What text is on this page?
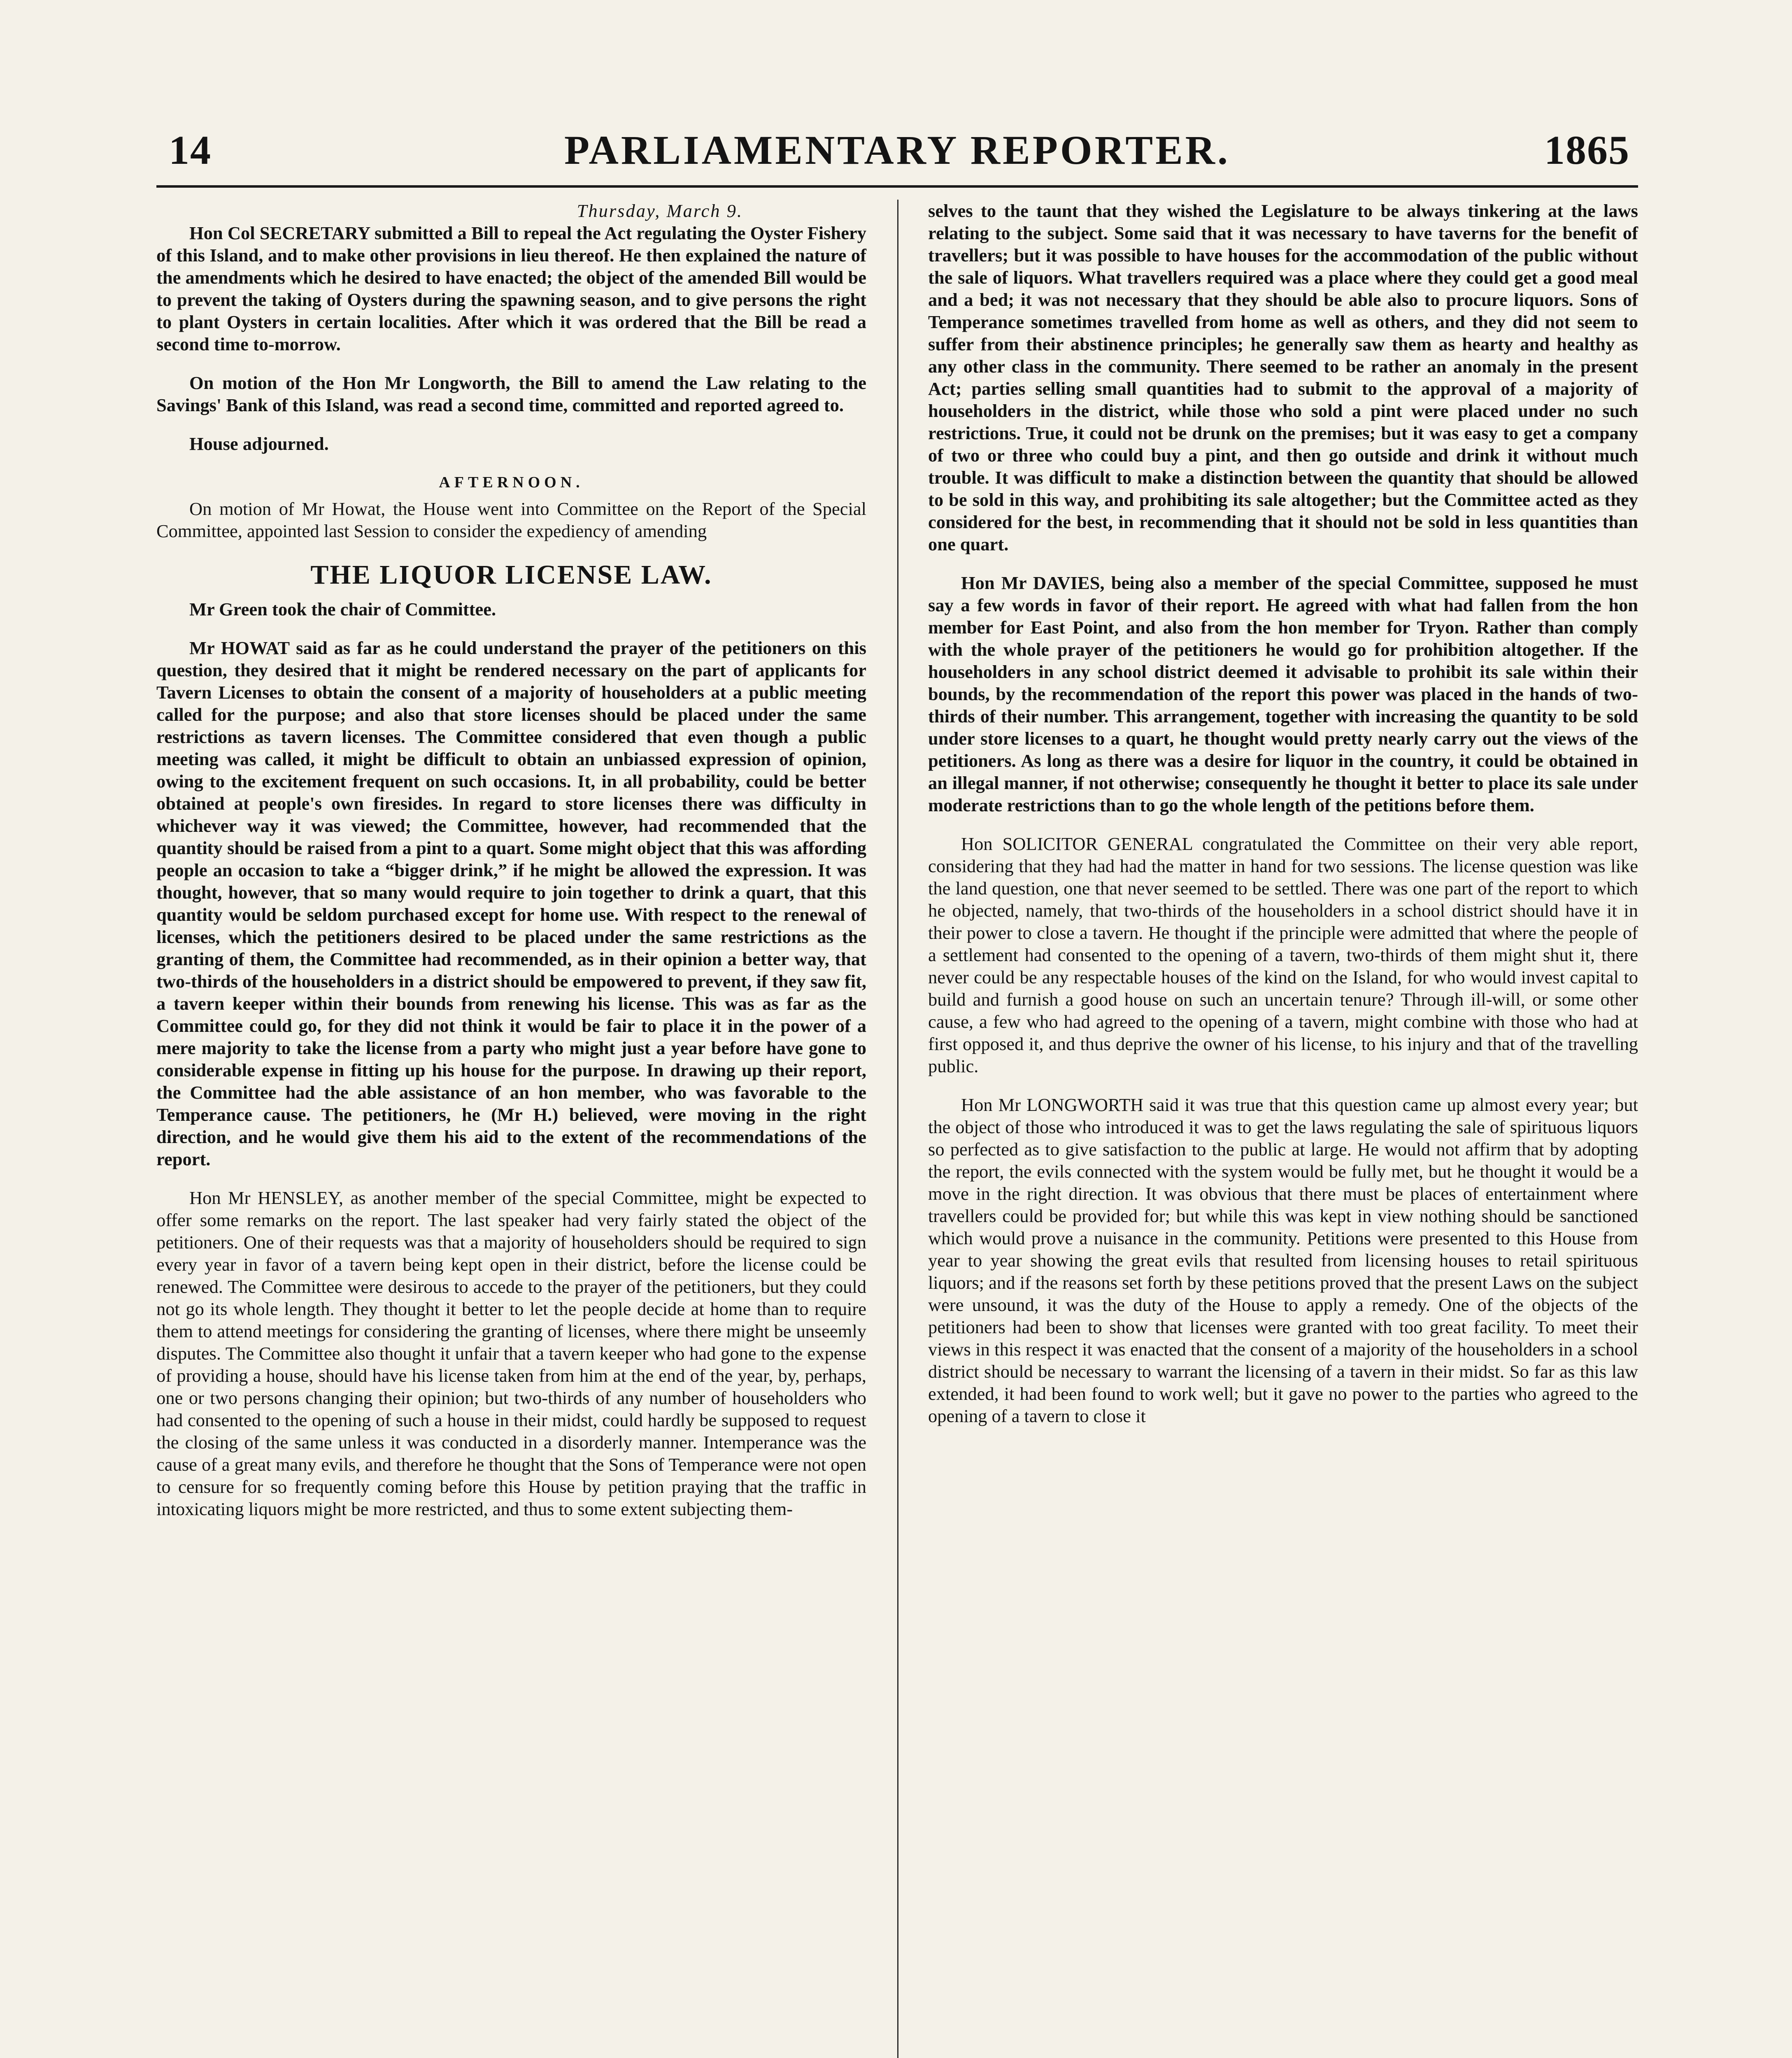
14	PARLIAMENTARY REPORTER.	1865

Thursday, March 9.

Hon Col SECRETARY submitted a Bill to repeal the Act regulating the Oyster Fishery of this Island, and to make other provisions in lieu thereof. He then explained the nature of the amendments which he desired to have enacted; the object of the amended Bill would be to prevent the taking of Oysters during the spawning season, and to give persons the right to plant Oysters in certain localities. After which it was ordered that the Bill be read a second time to-morrow.

On motion of the Hon Mr Longworth, the Bill to amend the Law relating to the Savings' Bank of this Island, was read a second time, committed and reported agreed to.

House adjourned.

AFTERNOON.

On motion of Mr Howat, the House went into Committee on the Report of the Special Committee, appointed last Session to consider the expediency of amending

THE LIQUOR LICENSE LAW.

Mr Green took the chair of Committee.

Mr HOWAT said as far as he could understand the prayer of the petitioners on this question, they desired that it might be rendered necessary on the part of applicants for Tavern Licenses to obtain the consent of a majority of householders at a public meeting called for the purpose; and also that store licenses should be placed under the same restrictions as tavern licenses. The Committee considered that even though a public meeting was called, it might be difficult to obtain an unbiassed expression of opinion, owing to the excitement frequent on such occasions. It, in all probability, could be better obtained at people's own firesides. In regard to store licenses there was difficulty in whichever way it was viewed; the Committee, however, had recommended that the quantity should be raised from a pint to a quart. Some might object that this was affording people an occasion to take a “bigger drink,” if he might be allowed the expression. It was thought, however, that so many would require to join together to drink a quart, that this quantity would be seldom purchased except for home use. With respect to the renewal of licenses, which the petitioners desired to be placed under the same restrictions as the granting of them, the Committee had recommended, as in their opinion a better way, that two-thirds of the householders in a district should be empowered to prevent, if they saw fit, a tavern keeper within their bounds from renewing his license. This was as far as the Committee could go, for they did not think it would be fair to place it in the power of a mere majority to take the license from a party who might just a year before have gone to considerable expense in fitting up his house for the purpose. In drawing up their report, the Committee had the able assistance of an hon member, who was favorable to the Temperance cause. The petitioners, he (Mr H.) believed, were moving in the right direction, and he would give them his aid to the extent of the recommendations of the report.

Hon Mr HENSLEY, as another member of the special Committee, might be expected to offer some remarks on the report. The last speaker had very fairly stated the object of the petitioners. One of their requests was that a majority of householders should be required to sign every year in favor of a tavern being kept open in their district, before the license could be renewed. The Committee were desirous to accede to the prayer of the petitioners, but they could not go its whole length. They thought it better to let the people decide at home than to require them to attend meetings for considering the granting of licenses, where there might be unseemly disputes. The Committee also thought it unfair that a tavern keeper who had gone to the expense of providing a house, should have his license taken from him at the end of the year, by, perhaps, one or two persons changing their opinion; but two-thirds of any number of householders who had consented to the opening of such a house in their midst, could hardly be supposed to request the closing of the same unless it was conducted in a disorderly manner. Intemperance was the cause of a great many evils, and therefore he thought that the Sons of Temperance were not open to censure for so frequently coming before this House by petition praying that the traffic in intoxicating liquors might be more restricted, and thus to some extent subjecting them-

selves to the taunt that they wished the Legislature to be always tinkering at the laws relating to the subject. Some said that it was necessary to have taverns for the benefit of travellers; but it was possible to have houses for the accommodation of the public without the sale of liquors. What travellers required was a place where they could get a good meal and a bed; it was not necessary that they should be able also to procure liquors. Sons of Temperance sometimes travelled from home as well as others, and they did not seem to suffer from their abstinence principles; he generally saw them as hearty and healthy as any other class in the community. There seemed to be rather an anomaly in the present Act; parties selling small quantities had to submit to the approval of a majority of householders in the district, while those who sold a pint were placed under no such restrictions. True, it could not be drunk on the premises; but it was easy to get a company of two or three who could buy a pint, and then go outside and drink it without much trouble. It was difficult to make a distinction between the quantity that should be allowed to be sold in this way, and prohibiting its sale altogether; but the Committee acted as they considered for the best, in recommending that it should not be sold in less quantities than one quart.

Hon Mr DAVIES, being also a member of the special Committee, supposed he must say a few words in favor of their report. He agreed with what had fallen from the hon member for East Point, and also from the hon member for Tryon. Rather than comply with the whole prayer of the petitioners he would go for prohibition altogether. If the householders in any school district deemed it advisable to prohibit its sale within their bounds, by the recommendation of the report this power was placed in the hands of two-thirds of their number. This arrangement, together with increasing the quantity to be sold under store licenses to a quart, he thought would pretty nearly carry out the views of the petitioners. As long as there was a desire for liquor in the country, it could be obtained in an illegal manner, if not otherwise; consequently he thought it better to place its sale under moderate restrictions than to go the whole length of the petitions before them.

Hon SOLICITOR GENERAL congratulated the Committee on their very able report, considering that they had had the matter in hand for two sessions. The license question was like the land question, one that never seemed to be settled. There was one part of the report to which he objected, namely, that two-thirds of the householders in a school district should have it in their power to close a tavern. He thought if the principle were admitted that where the people of a settlement had consented to the opening of a tavern, two-thirds of them might shut it, there never could be any respectable houses of the kind on the Island, for who would invest capital to build and furnish a good house on such an uncertain tenure? Through ill-will, or some other cause, a few who had agreed to the opening of a tavern, might combine with those who had at first opposed it, and thus deprive the owner of his license, to his injury and that of the travelling public.

Hon Mr LONGWORTH said it was true that this question came up almost every year; but the object of those who introduced it was to get the laws regulating the sale of spirituous liquors so perfected as to give satisfaction to the public at large. He would not affirm that by adopting the report, the evils connected with the system would be fully met, but he thought it would be a move in the right direction. It was obvious that there must be places of entertainment where travellers could be provided for; but while this was kept in view nothing should be sanctioned which would prove a nuisance in the community. Petitions were presented to this House from year to year showing the great evils that resulted from licensing houses to retail spirituous liquors; and if the reasons set forth by these petitions proved that the present Laws on the subject were unsound, it was the duty of the House to apply a remedy. One of the objects of the petitioners had been to show that licenses were granted with too great facility. To meet their views in this respect it was enacted that the consent of a majority of the householders in a school district should be necessary to warrant the licensing of a tavern in their midst. So far as this law extended, it had been found to work well; but it gave no power to the parties who agreed to the opening of a tavern to close it
